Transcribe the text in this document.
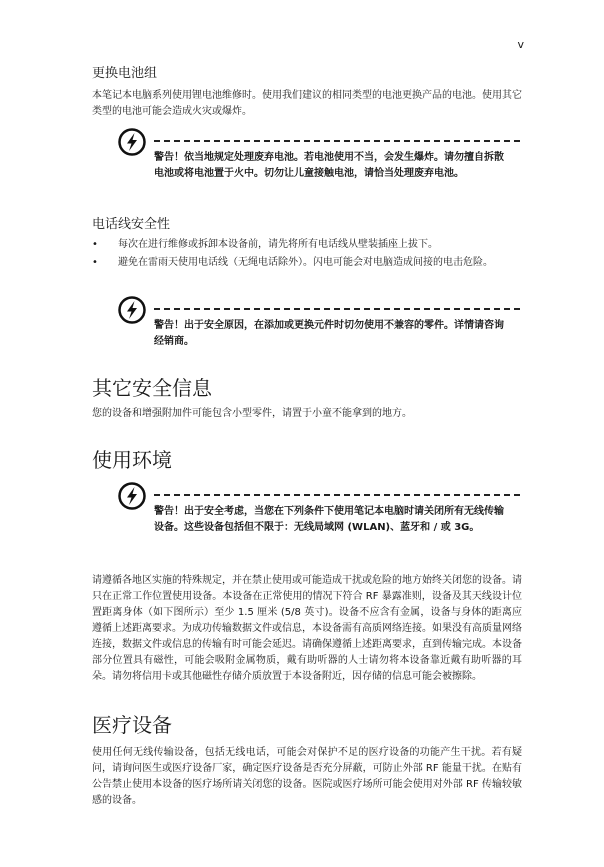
v
更换电池组

本笔记本电脑系列使用锂电池维修时。使用我们建议的相同类型的电池更换产品的电池。使用其它类型的电池可能会造成火灾或爆炸。

警告！依当地规定处理废弃电池。若电池使用不当，会发生爆炸。请勿擅自拆散电池或将电池置于火中。切勿让儿童接触电池，请恰当处理废弃电池。

电话线安全性
• 每次在进行维修或拆卸本设备前，请先将所有电话线从壁装插座上拔下。
• 避免在雷雨天使用电话线（无绳电话除外）。闪电可能会对电脑造成间接的电击危险。

警告！出于安全原因，在添加或更换元件时切勿使用不兼容的零件。详情请咨询经销商。

其它安全信息

您的设备和增强附加件可能包含小型零件，请置于小童不能拿到的地方。

使用环境

警告！出于安全考虑，当您在下列条件下使用笔记本电脑时请关闭所有无线传输设备。这些设备包括但不限于：无线局域网 (WLAN)、蓝牙和 / 或 3G。

请遵循各地区实施的特殊规定，并在禁止使用或可能造成干扰或危险的地方始终关闭您的设备。请只在正常工作位置使用设备。本设备在正常使用的情况下符合 RF 暴露准则，设备及其天线设计位置距离身体（如下图所示）至少 1.5 厘米 (5/8 英寸)。设备不应含有金属，设备与身体的距离应遵循上述距离要求。为成功传输数据文件或信息，本设备需有高质网络连接。如果没有高质量网络连接，数据文件或信息的传输有时可能会延迟。请确保遵循上述距离要求，直到传输完成。本设备部分位置具有磁性，可能会吸附金属物质，戴有助听器的人士请勿将本设备靠近戴有助听器的耳朵。请勿将信用卡或其他磁性存储介质放置于本设备附近，因存储的信息可能会被擦除。

医疗设备

使用任何无线传输设备，包括无线电话，可能会对保护不足的医疗设备的功能产生干扰。若有疑问，请询问医生或医疗设备厂家，确定医疗设备是否充分屏蔽，可防止外部 RF 能量干扰。在贴有公告禁止使用本设备的医疗场所请关闭您的设备。医院或医疗场所可能会使用对外部 RF 传输较敏感的设备。
